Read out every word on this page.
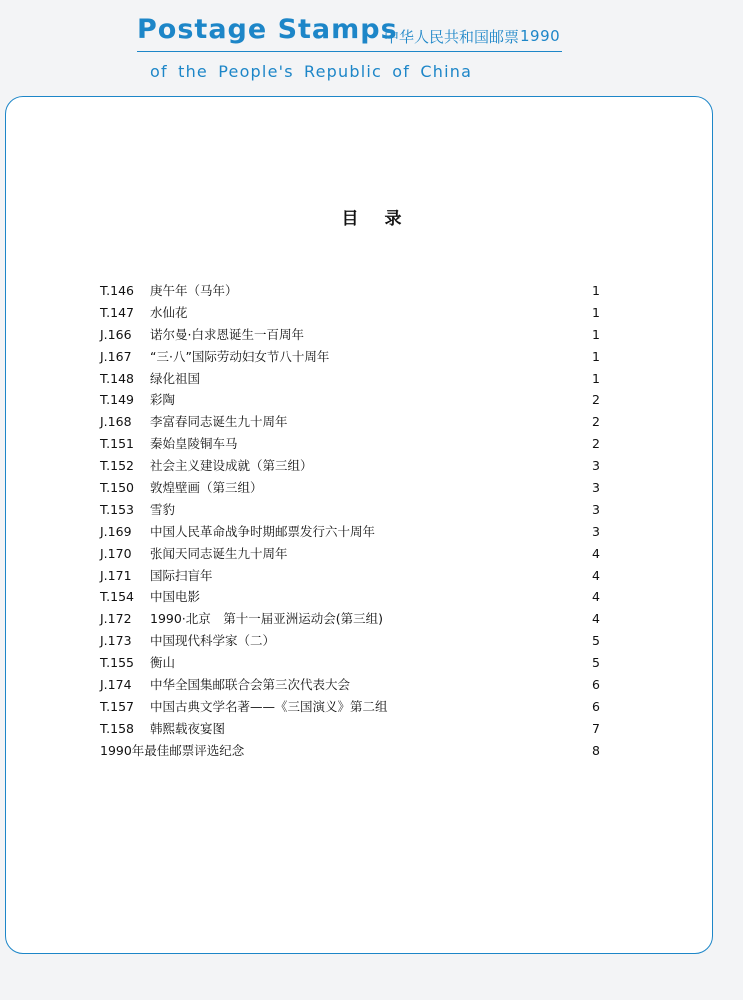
Postage Stamps
中华人民共和国邮票 1990
of the People's Republic of China
目录
T.146	庚午年（马年）	1
T.147	水仙花	1
J.166	诺尔曼·白求恩诞生一百周年	1
J.167	“三·八”国际劳动妇女节八十周年	1
T.148	绿化祖国	1
T.149	彩陶	2
J.168	李富春同志诞生九十周年	2
T.151	秦始皇陵铜车马	2
T.152	社会主义建设成就（第三组）	3
T.150	敦煌壁画（第三组）	3
T.153	雪豹	3
J.169	中国人民革命战争时期邮票发行六十周年	3
J.170	张闻天同志诞生九十周年	4
J.171	国际扫盲年	4
T.154	中国电影	4
J.172	1990·北京　第十一届亚洲运动会(第三组)	4
J.173	中国现代科学家（二）	5
T.155	衡山	5
J.174	中华全国集邮联合会第三次代表大会	6
T.157	中国古典文学名著——《三国演义》第二组	6
T.158	韩熙载夜宴图	7
1990年最佳邮票评选纪念	8
